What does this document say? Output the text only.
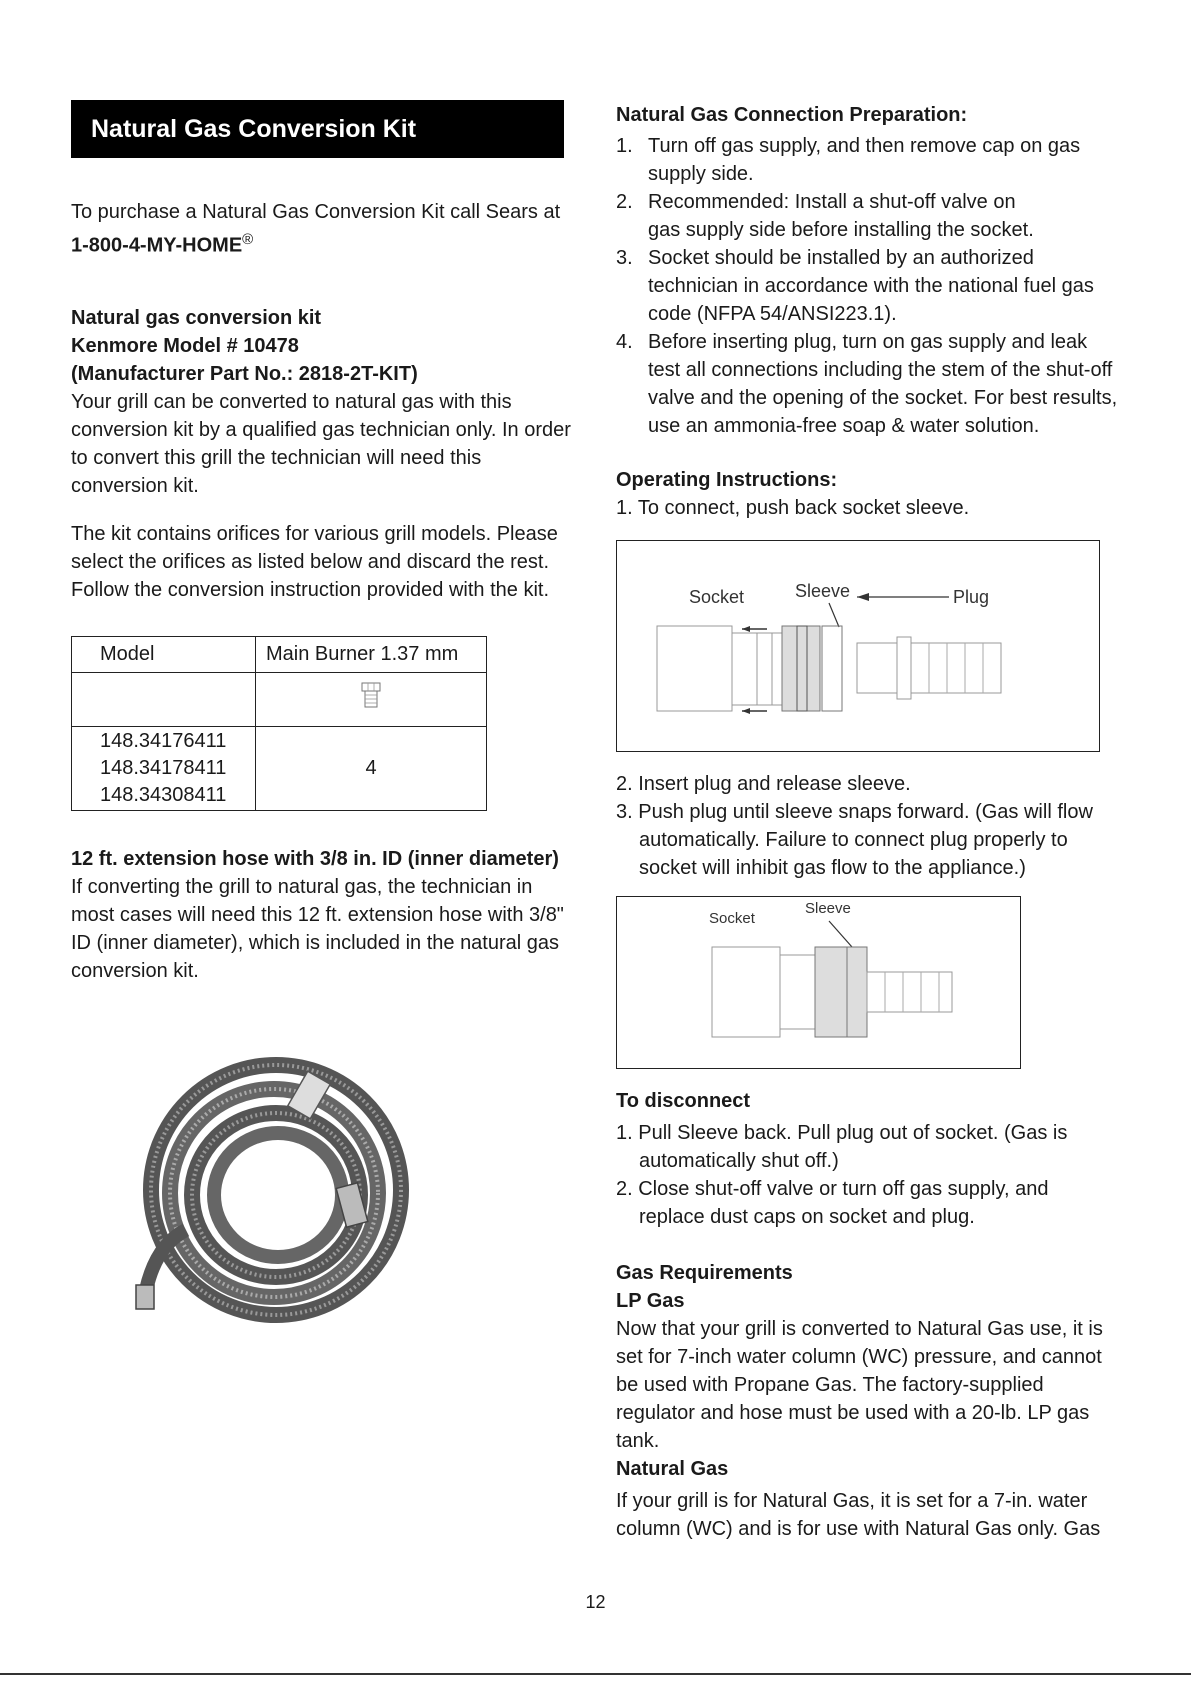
Natural Gas Conversion Kit

To purchase a Natural Gas Conversion Kit call Sears at

1-800-4-MY-HOME®

Natural gas conversion kit

Kenmore Model # 10478

(Manufacturer Part No.: 2818-2T-KIT)

Your grill can be converted to natural gas with this

conversion kit by a qualified gas technician only. In order

to convert this grill the technician will need this

conversion kit.

The kit contains orifices for various grill models. Please

select the orifices as listed below and discard the rest.

Follow the conversion instruction provided with the kit.

Model	Main Burner 1.37 mm

148.34176411
148.34178411
148.34308411	4

12 ft. extension hose with 3/8 in. ID (inner diameter)

If converting the grill to natural gas, the technician in

most cases will need this 12 ft. extension hose with 3/8"

ID (inner diameter), which is included in the natural gas

conversion kit.

Natural Gas Connection Preparation:

1. Turn off gas supply, and then remove cap on gas
supply side.
2. Recommended: Install a shut-off valve on
gas supply side before installing the socket.
3. Socket should be installed by an authorized
technician in accordance with the national fuel gas
code (NFPA 54/ANSI223.1).
4. Before inserting plug, turn on gas supply and leak
test all connections including the stem of the shut-off
valve and the opening of the socket. For best results,
use an ammonia-free soap & water solution.

Operating Instructions:

1. To connect, push back socket sleeve.

Socket	Sleeve	Plug

2. Insert plug and release sleeve.

3. Push plug until sleeve snaps forward. (Gas will flow

automatically. Failure to connect plug properly to

socket will inhibit gas flow to the appliance.)

Socket
Sleeve

To disconnect

1. Pull Sleeve back. Pull plug out of socket. (Gas is

automatically shut off.)

2. Close shut-off valve or turn off gas supply, and

replace dust caps on socket and plug.

Gas Requirements

LP Gas

Now that your grill is converted to Natural Gas use, it is

set for 7-inch water column (WC) pressure, and cannot

be used with Propane Gas. The factory-supplied

regulator and hose must be used with a 20-lb. LP gas

tank.

Natural Gas

If your grill is for Natural Gas, it is set for a 7-in. water

column (WC) and is for use with Natural Gas only. Gas

12
